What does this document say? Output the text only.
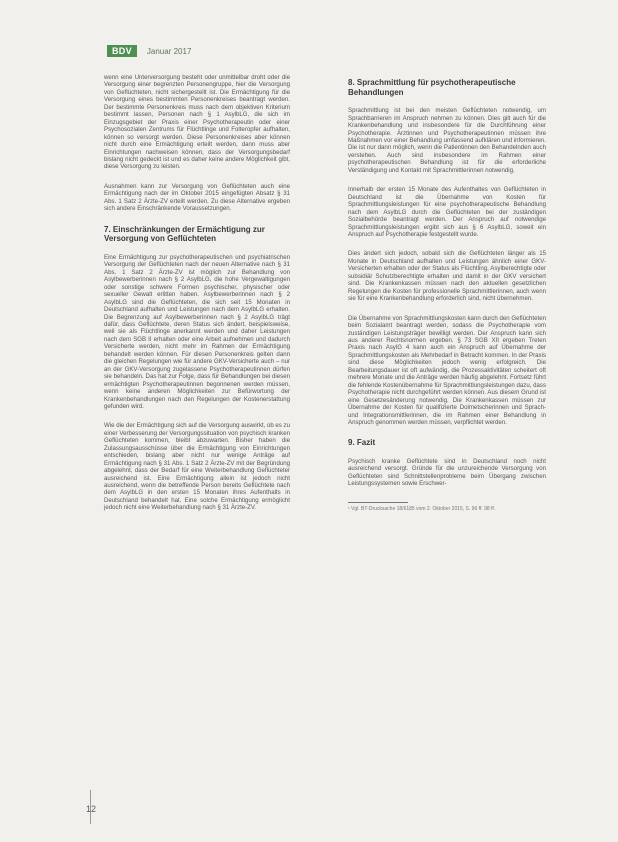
BDV	Januar 2017

wenn eine Unterversorgung besteht oder unmittelbar droht oder die Versorgung einer begrenzten Personengruppe, hier die Versorgung von Geflüchteten, nicht sichergestellt ist. Die Ermächtigung für die Versorgung eines bestimmten Personenkreises beantragt werden. Der bestimmte Personenkreis muss nach dem objektiven Kriterium bestimmt lassen, Personen nach § 1 AsylbLG, die sich im Einzugsgebiet der Praxis einer Psychotherapeutin oder einer Psychosozialen Zentrums für Flüchtlinge und Folteropfer aufhalten, können so versorgt werden. Diese Personenkreises aber können nicht durch eine Ermächtigung erteilt werden, dann muss aber Einrichtungen nachweisen können, dass der Versorgungsbedarf bislang nicht gedeckt ist und es daher keine andere Möglichkeit gibt, diese Versorgung zu leisten.

Ausnahmen kann zur Versorgung von Geflüchteten auch eine Ermächtigung nach der im Oktober 2015 eingefügten Absatz § 31 Abs. 1 Satz 2 Ärzte-ZV erteilt werden. Zu diese Alternative ergeben sich andere Einschränkende Voraussetzungen.

7. Einschränkungen der Ermächtigung zur Versorgung von Geflüchteten

Eine Ermächtigung zur psychotherapeutischen und psychiatrischen Versorgung der Geflüchteten nach der neuen Alternative nach § 31 Abs. 1 Satz 2 Ärzte-ZV ist möglich zur Behandlung von Asylbewerberinnen nach § 2 AsylbLG, die hohe Vergewaltigungen oder sonstige schwere Formen psychischer, physischer oder sexueller Gewalt erlitten haben. Asylbewerberinnen nach § 2 AsylbLG sind die Geflüchteten, die sich seit 15 Monaten in Deutschland aufhalten und Leistungen nach dem AsylbLG erhalten. Die Begrenzung auf Asylbewerberinnen nach § 2 AsylbLG trägt dafür, dass Geflüchtete, deren Status sich ändert, beispielsweise, weil sie als Flüchtlinge anerkannt werden und daher Leistungen nach dem SGB II erhalten oder eine Arbeit aufnehmen und dadurch Versicherte werden, nicht mehr im Rahmen der Ermächtigung behandelt werden können. Für diesen Personenkreis gelten dann die gleichen Regelungen wie für andere GKV-Versicherte auch – nur an der GKV-Versorgung zugelassene Psychotherapeutinnen dürfen sie behandeln. Das hat zur Folge, dass für Behandlungen bei diesen ermächtigten Psychotherapeutinnen begonnenen werden müssen, wenn keine anderen Möglichkeiten zur Befürwortung der Krankenbehandlungen nach den Regelungen der Kostenerstattung gefunden wird.

Wie die der Ermächtigung sich auf die Versorgung auswirkt, ob es zu einer Verbesserung der Versorgungssituation von psychisch kranken Geflüchteten kommen, bleibt abzuwarten. Bisher haben die Zulassungsausschüsse über die Ermächtigung von Einrichtungen entschieden, bislang aber nicht nur wenige Anträge auf Ermächtigung nach § 31 Abs. 1 Satz 2 Ärzte-ZV mit der Begründung abgelehnt, dass der Bedarf für eine Weiterbehandlung Geflüchteter ausreichend ist. Eine Ermächtigung allein ist jedoch nicht ausreichend, wenn die betreffende Person bereits Geflüchtete nach dem AsylbLG in den ersten 15 Monaten ihres Aufenthalts in Deutschland behandelt hat. Eine solche Ermächtigung ermöglicht jedoch nicht eine Weiterbehandlung nach § 31 Ärzte-ZV.

8. Sprachmittlung für psychotherapeutische Behandlungen

Sprachmittlung ist bei den meisten Geflüchteten notwendig, um Sprachbarrieren im Anspruch nehmen zu können. Dies gilt auch für die Krankenbehandlung und insbesondere für die Durchführung einer Psychotherapie. Ärztinnen und Psychotherapeutinnen müssen ihre Maßnahmen vor einer Behandlung umfassend aufklären und informieren. Die ist nur dann möglich, wenn die Patientinnen den Behandelnden auch verstehen. Auch sind insbesondere im Rahmen einer psychotherapeutischen Behandlung ist für die erforderliche Verständigung und Kontakt mit Sprachmittlerinnen notwendig.

Innerhalb der ersten 15 Monate des Aufenthaltes von Geflüchteten in Deutschland ist die Übernahme von Kosten für Sprachmittlungsleistungen für eine psychotherapeutische Behandlung nach dem AsylbLG durch die Geflüchteten bei der zuständigen Sozialbehörde beantragt werden. Der Anspruch auf notwendige Sprachmittlungsleistungen ergibt sich aus § 6 AsylbLG, soweit ein Anspruch auf Psychotherapie festgestellt wurde.

Dies ändert sich jedoch, sobald sich die Geflüchteten länger als 15 Monate in Deutschland aufhalten und Leistungen ähnlich einer GKV-Versicherten erhalten oder der Status als Flüchtling, Asylberechtigte oder subsidiär Schutzberechtigte erhalten und damit in der GKV versichert sind. Die Krankenkassen müssen nach den aktuellen gesetzlichen Regelungen die Kosten für professionelle Sprachmittlerinnen, auch wenn sie für eine Krankenbehandlung erforderlich sind, nicht übernehmen.

Die Übernahme von Sprachmittlungskosten kann durch den Geflüchteten beim Sozialamt beantragt werden, sodass die Psychotherapie vom zuständigen Leistungsträger bewilligt werden. Der Anspruch kann sich aus anderer Rechtsnormen ergeben. § 73 SGB XII ergeben Treten Praxis nach AsylG 4 kann auch ein Anspruch auf Übernahme der Sprachmittlungskosten als Mehrbedarf in Betracht kommen. In der Praxis sind diese Möglichkeiten jedoch wenig erfolgreich. Die Bearbeitungsdauer ist oft aufwändig, die Prozessaktivitäten scheitert oft mehrere Monate und die Anträge werden häufig abgelehnt. Fortsetz führt die fehlende Kostenübernahme für Sprachmittlungsleistungen dazu, dass Psychotherapie nicht durchgeführt werden können. Aus diesem Grund ist eine Gesetzesänderung notwendig. Die Krankenkassen müssen zur Übernahme der Kosten für qualifizierte Dolmetscherinnen und Sprach- und Integrationsmittlerinnen, die im Rahmen einer Behandlung in Anspruch genommen werden müssen, verpflichtet werden.

9. Fazit

Psychisch kranke Geflüchtete sind in Deutschland noch nicht ausreichend versorgt. Gründe für die unzureichende Versorgung von Geflüchteten sind Schnittstellenprobleme beim Übergang zwischen Leistungssystemen sowie Erschwer-

¹ Vgl. BT-Drucksache 18/6185 vom 2. Oktober 2015, S. 96 ff. 98 ff.
12
